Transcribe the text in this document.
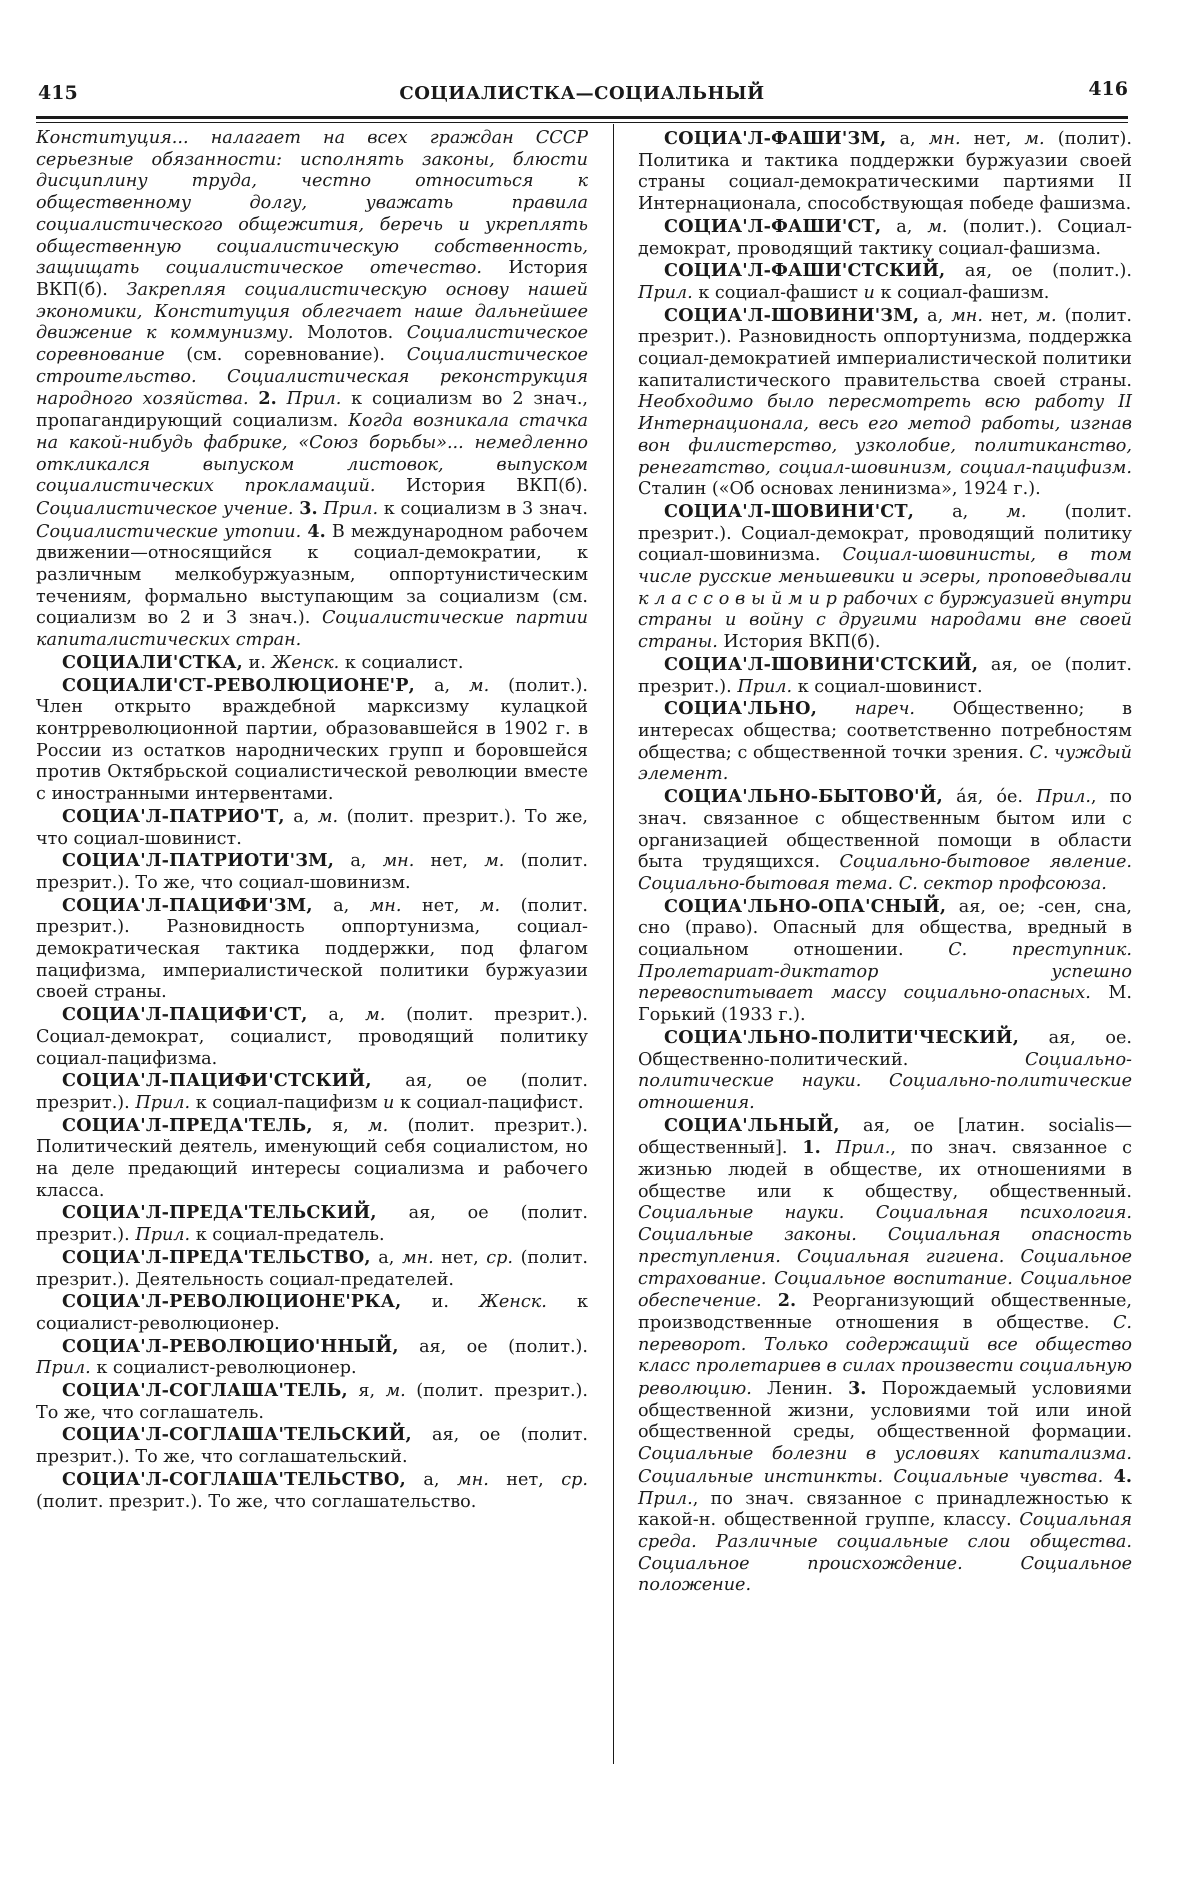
415	СОЦИАЛИСТКА—СОЦИАЛЬНЫЙ	416

Конституция... налагает на всех граждан СССР серьезные обязанности: исполнять законы, блюсти дисциплину труда, честно относиться к общественному долгу, уважать правила социалистического общежития, беречь и укреплять общественную социалистическую собственность, защищать социалистическое отечество. История ВКП(б). Закрепляя социалистическую основу нашей экономики, Конституция облегчает наше дальнейшее движение к коммунизму. Молотов. Социалистическое соревнование (см. соревнование). Социалистическое строительство. Социалистическая реконструкция народного хозяйства. 2. Прил. к социализм во 2 знач., пропагандирующий социализм. Когда возникала стачка на какой-нибудь фабрике, «Союз борьбы»... немедленно откликался выпуском листовок, выпуском социалистических прокламаций. История ВКП(б). Социалистическое учение. 3. Прил. к социализм в 3 знач. Социалистические утопии. 4. В международном рабочем движении—относящийся к социал-демократии, к различным мелкобуржуазным, оппортунистическим течениям, формально выступающим за социализм (см. социализм во 2 и 3 знач.). Социалистические партии капиталистических стран.

СОЦИАЛИ'СТКА, и. Женск. к социалист.

СОЦИАЛИ'СТ-РЕВОЛЮЦИОНЕ'Р, а, м. (полит.). Член открыто враждебной марксизму кулацкой контрреволюционной партии, образовавшейся в 1902 г. в России из остатков народнических групп и боровшейся против Октябрьской социалистической революции вместе с иностранными интервентами.

СОЦИА'Л-ПАТРИО'Т, а, м. (полит. презрит.). То же, что социал-шовинист.

СОЦИА'Л-ПАТРИОТИ'ЗМ, а, мн. нет, м. (полит. презрит.). То же, что социал-шовинизм.

СОЦИА'Л-ПАЦИФИ'ЗМ, а, мн. нет, м. (полит. презрит.). Разновидность оппортунизма, социал-демократическая тактика поддержки, под флагом пацифизма, империалистической политики буржуазии своей страны.

СОЦИА'Л-ПАЦИФИ'СТ, а, м. (полит. презрит.). Социал-демократ, социалист, проводящий политику социал-пацифизма.

СОЦИА'Л-ПАЦИФИ'СТСКИЙ, ая, ое (полит. презрит.). Прил. к социал-пацифизм и к социал-пацифист.

СОЦИА'Л-ПРЕДА'ТЕЛЬ, я, м. (полит. презрит.). Политический деятель, именующий себя социалистом, но на деле предающий интересы социализма и рабочего класса.

СОЦИА'Л-ПРЕДА'ТЕЛЬСКИЙ, ая, ое (полит. презрит.). Прил. к социал-предатель.

СОЦИА'Л-ПРЕДА'ТЕЛЬСТВО, а, мн. нет, ср. (полит. презрит.). Деятельность социал-предателей.

СОЦИА'Л-РЕВОЛЮЦИОНЕ'РКА, и. Женск. к социалист-революционер.

СОЦИА'Л-РЕВОЛЮЦИО'ННЫЙ, ая, ое (полит.). Прил. к социалист-революционер.

СОЦИА'Л-СОГЛАША'ТЕЛЬ, я, м. (полит. презрит.). То же, что соглашатель.

СОЦИА'Л-СОГЛАША'ТЕЛЬСКИЙ, ая, ое (полит. презрит.). То же, что соглашательский.

СОЦИА'Л-СОГЛАША'ТЕЛЬСТВО, а, мн. нет, ср. (полит. презрит.). То же, что соглашательство.

СОЦИА'Л-ФАШИ'ЗМ, а, мн. нет, м. (полит). Политика и тактика поддержки буржуазии своей страны социал-демократическими партиями II Интернационала, способствующая победе фашизма.

СОЦИА'Л-ФАШИ'СТ, а, м. (полит.). Социал-демократ, проводящий тактику социал-фашизма.

СОЦИА'Л-ФАШИ'СТСКИЙ, ая, ое (полит.). Прил. к социал-фашист и к социал-фашизм.

СОЦИА'Л-ШОВИНИ'ЗМ, а, мн. нет, м. (полит. презрит.). Разновидность оппортунизма, поддержка социал-демократией империалистической политики капиталистического правительства своей страны. Необходимо было пересмотреть всю работу II Интернационала, весь его метод работы, изгнав вон филистерство, узколобие, политиканство, ренегатство, социал-шовинизм, социал-пацифизм. Сталин («Об основах ленинизма», 1924 г.).

СОЦИА'Л-ШОВИНИ'СТ, а, м. (полит. презрит.). Социал-демократ, проводящий политику социал-шовинизма. Социал-шовинисты, в том числе русские меньшевики и эсеры, проповедывали к л а с с о в ы й м и р рабочих с буржуазией внутри страны и войну с другими народами вне своей страны. История ВКП(б).

СОЦИА'Л-ШОВИНИ'СТСКИЙ, ая, ое (полит. презрит.). Прил. к социал-шовинист.

СОЦИА'ЛЬНО, нареч. Общественно; в интересах общества; соответственно потребностям общества; с общественной точки зрения. С. чуждый элемент.

СОЦИА'ЛЬНО-БЫТОВО'Й, а́я, о́е. Прил., по знач. связанное с общественным бытом или с организацией общественной помощи в области быта трудящихся. Социально-бытовое явление. Социально-бытовая тема. С. сектор профсоюза.

СОЦИА'ЛЬНО-ОПА'СНЫЙ, ая, ое; -сен, сна, сно (право). Опасный для общества, вредный в социальном отношении. С. преступник. Пролетариат-диктатор успешно перевоспитывает массу социально-опасных. М. Горький (1933 г.).

СОЦИА'ЛЬНО-ПОЛИТИ'ЧЕСКИЙ, ая, ое. Общественно-политический. Социально-политические науки. Социально-политические отношения.

СОЦИА'ЛЬНЫЙ, ая, ое [латин. socialis—общественный]. 1. Прил., по знач. связанное с жизнью людей в обществе, их отношениями в обществе или к обществу, общественный. Социальные науки. Социальная психология. Социальные законы. Социальная опасность преступления. Социальная гигиена. Социальное страхование. Социальное воспитание. Социальное обеспечение. 2. Реорганизующий общественные, производственные отношения в обществе. С. переворот. Только содержащий все общество класс пролетариев в силах произвести социальную революцию. Ленин. 3. Порождаемый условиями общественной жизни, условиями той или иной общественной среды, общественной формации. Социальные болезни в условиях капитализма. Социальные инстинкты. Социальные чувства. 4. Прил., по знач. связанное с принадлежностью к какой-н. общественной группе, классу. Социальная среда. Различные социальные слои общества. Социальное происхождение. Социальное положение.
